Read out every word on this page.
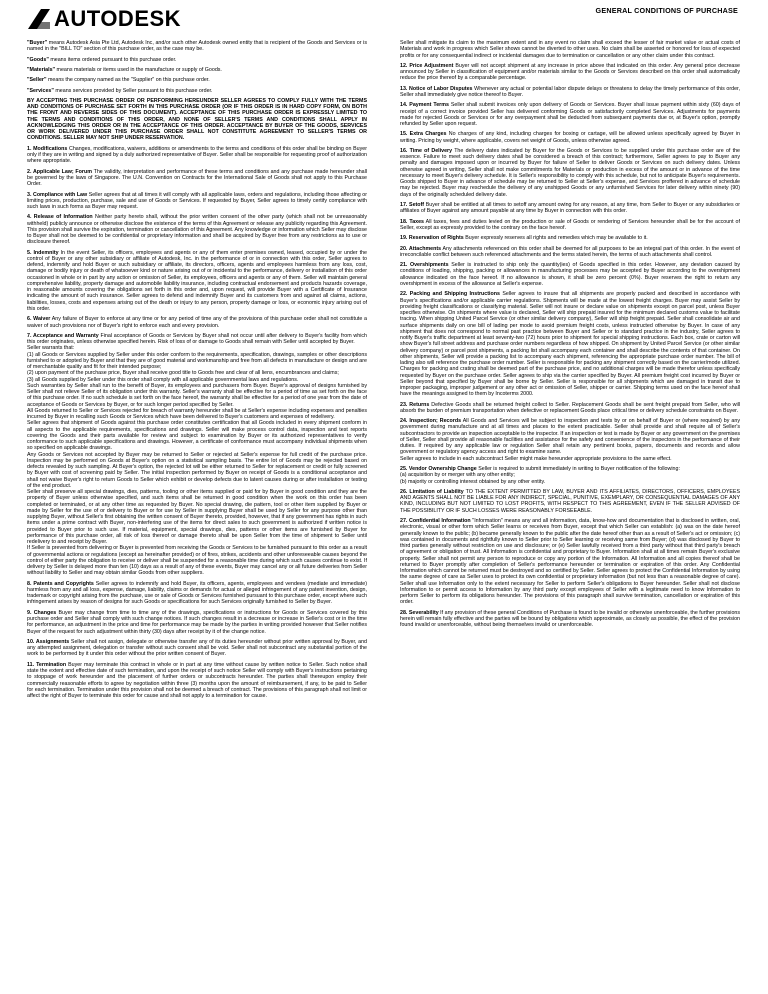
AUTODESK	GENERAL CONDITIONS OF PURCHASE

"Buyer" means Autodesk Asia Pte Ltd, Autodesk Inc, and/or such other Autodesk owned entity that is recipient of the Goods and Services or is named in the "BILL TO" section of this purchase order, as the case may be.

"Goods" means items ordered pursuant to this purchase order.

"Materials" means materials or items used in the manufacture or supply of Goods.

"Seller" means the company named as the "Supplier" on this purchase order.

"Services" means services provided by Seller pursuant to this purchase order.

BY ACCEPTING THIS PURCHASE ORDER OR PERFORMING HEREUNDER SELLER AGREES TO COMPLY FULLY WITH THE TERMS AND CONDITIONS OF PURCHASE SET FORTH IN THIS PURCHASE ORDER (OR IF THIS ORDER IS IN HARD COPY FORM, ON BOTH THE FRONT AND REVERSE SIDES OF THIS DOCUMENT). ACCEPTANCE OF THIS PURCHASE ORDER IS EXPRESSLY LIMITED TO THE TERMS AND CONDITIONS OF THIS ORDER, AND NONE OF SELLER'S TERMS AND CONDITIONS SHALL APPLY IN ACKNOWLEDGING THIS ORDER OR IN THE ACCEPTANCE OF THIS ORDER. ACCEPTANCE BY BUYER OF THE GOODS, SERVICES OR WORK DELIVERED UNDER THIS PURCHASE ORDER SHALL NOT CONSTITUTE AGREEMENT TO SELLER'S TERMS OR CONDITIONS. SELLER MAY NOT SHIP UNDER RESERVATION.

1. Modifications Changes, modifications, waivers, additions or amendments to the terms and conditions of this order shall be binding on Buyer only if they are in writing and signed by a duly authorized representative of Buyer. Seller shall be responsible for requesting proof of authorization where appropriate.

2. Applicable Law; Forum The validity, interpretation and performance of these terms and conditions and any purchase made hereunder shall be governed by the laws of Singapore. The U.N. Convention on Contracts for the International Sale of Goods shall not apply to this Purchase Order.

3. Compliance with Law Seller agrees that at all times it will comply with all applicable laws, orders and regulations, including those affecting or limiting prices, production, purchase, sale and use of Goods or Services. If requested by Buyer, Seller agrees to timely certify compliance with such laws in such forms as Buyer may request.

4. Release of Information Neither party hereto shall, without the prior written consent of the other party (which shall not be unreasonably withheld) publicly announce or otherwise disclose the existence of the terms of this Agreement or release any publicity regarding this Agreement. This provision shall survive the expiration, termination or cancellation of this Agreement. Any knowledge or information which Seller may disclose to Buyer shall not be deemed to be confidential or proprietary information and shall be acquired by Buyer free from any restrictions as to use or disclosure thereof.

5. Indemnity In the event Seller, its officers, employees and agents or any of them enter premises owned, leased, occupied by or under the control of Buyer or any other subsidiary or affiliate of Autodesk, Inc. in the performance of or in connection with this order, Seller agrees to defend, indemnify and hold Buyer or such subsidiary or affiliate, its directors, officers, agents and employees harmless from any loss, cost, damage or bodily injury or death of whatsoever kind or nature arising out of or incidental to the performance, delivery or installation of this order occasioned in whole or in part by any action or omission of Seller, its employees, officers and agents or any of them. Seller will maintain general comprehensive liability, property damage and automobile liability insurance, including contractual endorsement and products hazards coverage, in reasonable amounts covering the obligations set forth in this order and, upon request, will provide Buyer with a Certificate of Insurance indicating the amount of such insurance. Seller agrees to defend and indemnify Buyer and its customers from and against all claims, actions, liabilities, losses, costs and expenses arising out of the death or injury to any person, property damage or loss, or economic injury arising out of this order.

6. Waiver Any failure of Buyer to enforce at any time or for any period of time any of the provisions of this purchase order shall not constitute a waiver of such provisions nor of Buyer's right to enforce each and every provision.

7. Acceptance and Warranty Final acceptance of Goods or Services by Buyer shall not occur until after delivery to Buyer's facility from which this order originates, unless otherwise specified herein. Risk of loss of or damage to Goods shall remain with Seller until accepted by Buyer.

Seller warrants that:

(1) all Goods or Services supplied by Seller under this order conform to the requirements, specification, drawings, samples or other descriptions furnished to or adopted by Buyer and that they are of good material and workmanship and free from all defects in manufacture or design and are of merchantable quality and fit for their intended purpose;

(2) upon payment of the purchase price, Buyer shall receive good title to Goods free and clear of all liens, encumbrances and claims;

(3) all Goods supplied by Seller under this order shall comply with all applicable governmental laws and regulations.

Such warranties by Seller shall run to the benefit of Buyer, its employees and purchasers from Buyer. Buyer's approval of designs furnished by Seller shall not relieve Seller of its obligation under this warranty. Seller's warranty shall be effective for a period of time as set forth on the face of this purchase order. If no such schedule is set forth on the face hereof, the warranty shall be effective for a period of one year from the date of acceptance of Goods or Services by Buyer, or for such longer period specified by Seller.

All Goods returned to Seller or Services rejected for breach of warranty hereunder shall be at Seller's expense including expenses and penalties incurred by Buyer in recalling such Goods or Services which have been delivered to Buyer's customers and expenses of redelivery.

Seller agrees that shipment of Goods against this purchase order constitutes certification that all Goods included in every shipment conform in all aspects to the applicable requirements, specifications and drawings. Seller will make process control data, inspection and test reports covering the Goods and their parts available for review and subject to examination by Buyer or its authorized representatives to verify conformance to such applicable specifications and drawings. However, a certificate of conformance must accompany individual shipments when so specified on applicable drawings.

Any Goods or Services not accepted by Buyer may be returned to Seller or rejected at Seller's expense for full credit of the purchase price. Inspection may be performed on Goods at Buyer's option on a statistical sampling basis. The entire lot of Goods may be rejected based on defects revealed by such sampling. At Buyer's option, the rejected lot will be either returned to Seller for replacement or credit or fully screened by Buyer with cost of screening paid by Seller. The initial inspection performed by Buyer on receipt of Goods is a conditional acceptance and shall not waive Buyer's right to return Goods to Seller which exhibit or develop defects due to latent causes during or after installation or testing of the end product.

Seller shall preserve all special drawings, dies, patterns, tooling or other items supplied or paid for by Buyer in good condition and they are the property of Buyer unless otherwise specified, and such items shall be returned in good condition when the work on this order has been completed or terminated, or at any other time as requested by Buyer. No special drawing, die pattern, tool or other item supplied by Buyer or made by Seller for the use of or delivery to Buyer or for use by Seller in supplying Buyer shall be used by Seller for any purpose other than supplying Buyer, without Seller's first obtaining the written consent of Buyer thereto, provided, however, that if any government has rights in such items under a prime contract with Buyer, non-interfering use of the items for direct sales to such government is authorized if written notice is provided to Buyer prior to such use. If material, equipment, special drawings, dies, patterns or other items are furnished by Buyer for performance of this purchase order, all risk of loss thereof or damage thereto shall be upon Seller from the time of shipment to Seller until redelivery to and receipt by Buyer.

If Seller is prevented from delivering or Buyer is prevented from receiving the Goods or Services to be furnished pursuant to this order as a result of governmental actions or regulations (except as hereinafter provided) or of fires, strikes, accidents and other unforeseeable causes beyond the control of either party the obligation to receive or deliver shall be suspended for a reasonable time during which such causes continue to exist. If delivery by Seller is delayed more than ten (10) days as a result of any of these events, Buyer may cancel any or all future deliveries from Seller without liability to Seller and may obtain similar Goods from other suppliers.

8. Patents and Copyrights Seller agrees to indemnify and hold Buyer, its officers, agents, employees and vendees (mediate and immediate) harmless from any and all loss, expense, damage, liability, claims or demands for actual or alleged infringement of any patent invention, design, trademark or copyright arising from the purchase, use or sale of Goods or Services furnished pursuant to this purchase order, except where such infringement arises by reason of designs for such Goods or specifications for such Services originally furnished to Seller by Buyer.

9. Changes Buyer may change from time to time any of the drawings, specifications or instructions for Goods or Services covered by this purchase order and Seller shall comply with such change notices. If such changes result in a decrease or increase in Seller's cost or in the time for performance, an adjustment in the price and time for performance may be made by the parties in writing provided however that Seller notifies Buyer of the request for such adjustment within thirty (30) days after receipt by it of the change notice.

10. Assignments Seller shall not assign, delegate or otherwise transfer any of its duties hereunder without prior written approval by Buyer, and any attempted assignment, delegation or transfer without such consent shall be void. Seller shall not subcontract any substantial portion of the work to be performed by it under this order without the prior written consent of Buyer.

11. Termination Buyer may terminate this contract in whole or in part at any time without cause by written notice to Seller. Such notice shall state the extent and effective date of such termination, and upon the receipt of such notice Seller will comply with Buyer's instructions pertaining to stoppage of work hereunder and the placement of further orders or subcontracts hereunder. The parties shall thereupon employ their commercially reasonable efforts to agree by negotiation within three (3) months upon the amount of reimbursement, if any, to be paid to Seller for each termination. Termination under this provision shall not be deemed a breach of contract. The provisions of this paragraph shall not limit or affect the right of Buyer to terminate this order for cause and shall not apply to a termination for cause.

Seller shall mitigate its claim to the maximum extent and in any event no claim shall exceed the lesser of fair market value or actual costs of Materials and work in progress which Seller shows cannot be diverted to other uses. No claim shall be asserted or honored for loss of expected profits or for any consequential indirect or incidental damages due to termination or cancellation or any other claim under this contract.

12. Price Adjustment Buyer will not accept shipment at any increase in price above that indicated on this order. Any general price decrease announced by Seller in classification of equipment and/or materials similar to the Goods or Services described on this order shall automatically reduce the price thereof by a comparable percentage.

13. Notice of Labor Disputes Whenever any actual or potential labor dispute delays or threatens to delay the timely performance of this order, Seller shall immediately give notice thereof to Buyer.

14. Payment Terms Seller shall submit invoices only upon delivery of Goods or Services. Buyer shall issue payment within sixty (60) days of receipt of a correct invoice provided Seller has delivered conforming Goods or satisfactorily completed Services. Adjustments for payments made for rejected Goods or Services or for any overpayment shall be deducted from subsequent payments due or, at Buyer's option, promptly refunded by Seller upon request.

15. Extra Charges No charges of any kind, including charges for boxing or cartage, will be allowed unless specifically agreed by Buyer in writing. Pricing by weight, where applicable, covers net weight of Goods, unless otherwise agreed.

16. Time of Delivery The delivery dates indicated by Buyer for the Goods or Services to be supplied under this purchase order are of the essence. Failure to meet such delivery dates shall be considered a breach of this contract; furthermore, Seller agrees to pay to Buyer any penalty and damages imposed upon or incurred by Buyer for failure of Seller to deliver Goods or Services on such delivery dates. Unless otherwise agreed in writing, Seller shall not make commitments for Materials or production in excess of the amount or in advance of the time necessary to meet Buyer's delivery schedule. It is Seller's responsibility to comply with this schedule, but not to anticipate Buyer's requirements. Goods shipped to Buyer in advance of schedule may be returned to Seller at Seller's expense, and Services proffered in advance of schedule may be rejected. Buyer may reschedule the delivery of any unshipped Goods or any unfurnished Services for later delivery within ninety (90) days of the originally scheduled delivery date.

17. Setoff Buyer shall be entitled at all times to setoff any amount owing for any reason, at any time, from Seller to Buyer or any subsidiaries or affiliates of Buyer against any amount payable at any time by Buyer in connection with this order.

18. Taxes All taxes, fees and duties levied on the production or sale of Goods or rendering of Services hereunder shall be for the account of Seller, except as expressly provided to the contrary on the face hereof.

19. Reservation of Rights Buyer expressly reserves all rights and remedies which may be available to it.

20. Attachments Any attachments referenced on this order shall be deemed for all purposes to be an integral part of this order. In the event of irreconcilable conflict between such referenced attachments and the terms stated herein, the terms of such attachments shall control.

21. Overshipments Seller is instructed to ship only the quantity(ies) of Goods specified in this order. However, any deviation caused by conditions of loading, shipping, packing or allowances in manufacturing processes may be accepted by Buyer according to the overshipment allowance indicated on the face hereof. If no allowance is shown, it shall be zero percent (0%). Buyer reserves the right to return any overshipment in excess of the allowance at Seller's expense.

22. Packing and Shipping Instructions Seller agrees to insure that all shipments are properly packed and described in accordance with Buyer's specifications and/or applicable carrier regulations. Shipments will be made at the lowest freight charges. Buyer may assist Seller by providing freight classifications or classifying material. Seller will not insure or declare value on shipments except on parcel post, unless Buyer specifies otherwise. On shipments where value is declared, Seller will ship prepaid insured for the minimum declared customs value to facilitate tracing. When shipping United Parcel Service (or other similar delivery company), Seller will ship freight prepaid. Seller shall consolidate air and surface shipments daily on one bill of lading per mode to avoid premium freight costs, unless instructed otherwise by Buyer. In case of any shipment that does not correspond to normal past practice between Buyer and Seller or to standard practice in the industry, Seller agrees to notify Buyer's traffic department at least seventy-two (72) hours prior to shipment for special shipping instructions. Each box, crate or carton will show Buyer's full street address and purchase order numbers regardless of how shipped. On shipment by United Parcel Service (or other similar delivery company) or parcel post shipments, a packing list shall accompany each container and shall describe the contents of that container. On other shipments, Seller will provide a packing list to accompany each shipment, referencing the appropriate purchase order number. The bill of lading also will reference the purchase order number. Seller is responsible for packing any shipment correctly based on the carrier/mode utilized. Charges for packing and crating shall be deemed part of the purchase price, and no additional charges will be made therefor unless specifically requested by Buyer on the purchase order. Seller agrees to ship via the carrier specified by Buyer. All premium freight cost incurred by Buyer or Seller beyond that specified by Buyer shall be borne by Seller. Seller is responsible for all shipments which are damaged in transit due to improper packaging, improper judgement or any other act or omission of Seller, shipper or carrier. Shipping terms used on the face hereof shall have the meanings assigned to them by Incoterms 2000.

23. Returns Defective Goods shall be returned freight collect to Seller. Replacement Goods shall be sent freight prepaid from Seller, who will absorb the burden of premium transportation when defective or replacement Goods place critical time or delivery schedule constraints on Buyer.

24. Inspection; Records All Goods and Services will be subject to inspection and tests by or on behalf of Buyer or (where required) by any government during manufacture and at all times and places to the extent practicable. Seller shall provide and shall require all of Seller's subcontractors to provide an inspection acceptable to the inspector. If an inspection or test is made by Buyer or any government on the premises of Seller, Seller shall provide all reasonable facilities and assistance for the safety and convenience of the inspectors in the performance of their duties. If required by any applicable law or regulation Seller shall retain any pertinent books, papers, documents and records and allow government or regulatory agency access and right to examine same.

Seller agrees to include in each subcontract Seller might make hereunder appropriate provisions to the same effect.

25. Vendor Ownership Change Seller is required to submit immediately in writing to Buyer notification of the following:

(a) acquisition by or merger with any other entity;

(b) majority or controlling interest obtained by any other entity.

26. Limitation of Liability TO THE EXTENT PERMITTED BY LAW, BUYER AND ITS AFFILIATES, DIRECTORS, OFFICERS, EMPLOYEES AND AGENTS SHALL NOT BE LIABLE FOR ANY INDIRECT, SPECIAL, PUNITIVE, EXEMPLARY, OR CONSEQUENTIAL DAMAGES OF ANY KIND, INCLUDING BUT NOT LIMITED TO LOST PROFITS, WITH RESPECT TO THIS AGREEMENT, EVEN IF THE SELLER ADVISED OF THE POSSIBILITY OR IF SUCH LOSSES WERE REASONABLY FORSEEABLE.

27. Confidential Information "Information" means any and all information, data, know-how and documentation that is disclosed in written, oral, electronic, visual or other form which Seller learns or receives from Buyer, except that which Seller can establish: (a) was on the date hereof generally known to the public; (b) became generally known to the public after the date hereof other than as a result of Seller's act or omission; (c) was contained in documents and rightfully known to Seller prior to Seller learning or receiving same from Buyer; (d) was disclosed by Buyer to third parties generally without restriction on use and disclosure; or (e) Seller lawfully received from a third party without that third party's breach of agreement or obligation of trust. All Information is confidential and proprietary to Buyer. Information shall at all times remain Buyer's exclusive property. Seller shall not permit any person to reproduce or copy any portion of the Information. All Information and all copies thereof shall be returned to Buyer promptly after completion of Seller's performance hereunder or termination or expiration of this order. Any Confidential Information which cannot be returned must be destroyed and so certified by Seller. Seller agrees to protect the Confidential Information by using the same degree of care as Seller uses to protect its own confidential or proprietary information (but not less than a reasonable degree of care). Seller shall use Information only to the extent necessary for Seller to perform Seller's obligations to Buyer hereunder. Seller shall not disclose Information to or permit access to Information by any third party except employees of Seller with a legitimate need to know Information to perform Seller to perform its obligations hereunder. The provisions of this paragraph shall survive termination, cancellation or expiration of this order.

28. Severability If any provision of these general Conditions of Purchase is found to be invalid or otherwise unenforceable, the further provisions herein will remain fully effective and the parties will be bound by obligations which approximate, as closely as possible, the effect of the provision found invalid or unenforceable, without being themselves invalid or unenforceable.
